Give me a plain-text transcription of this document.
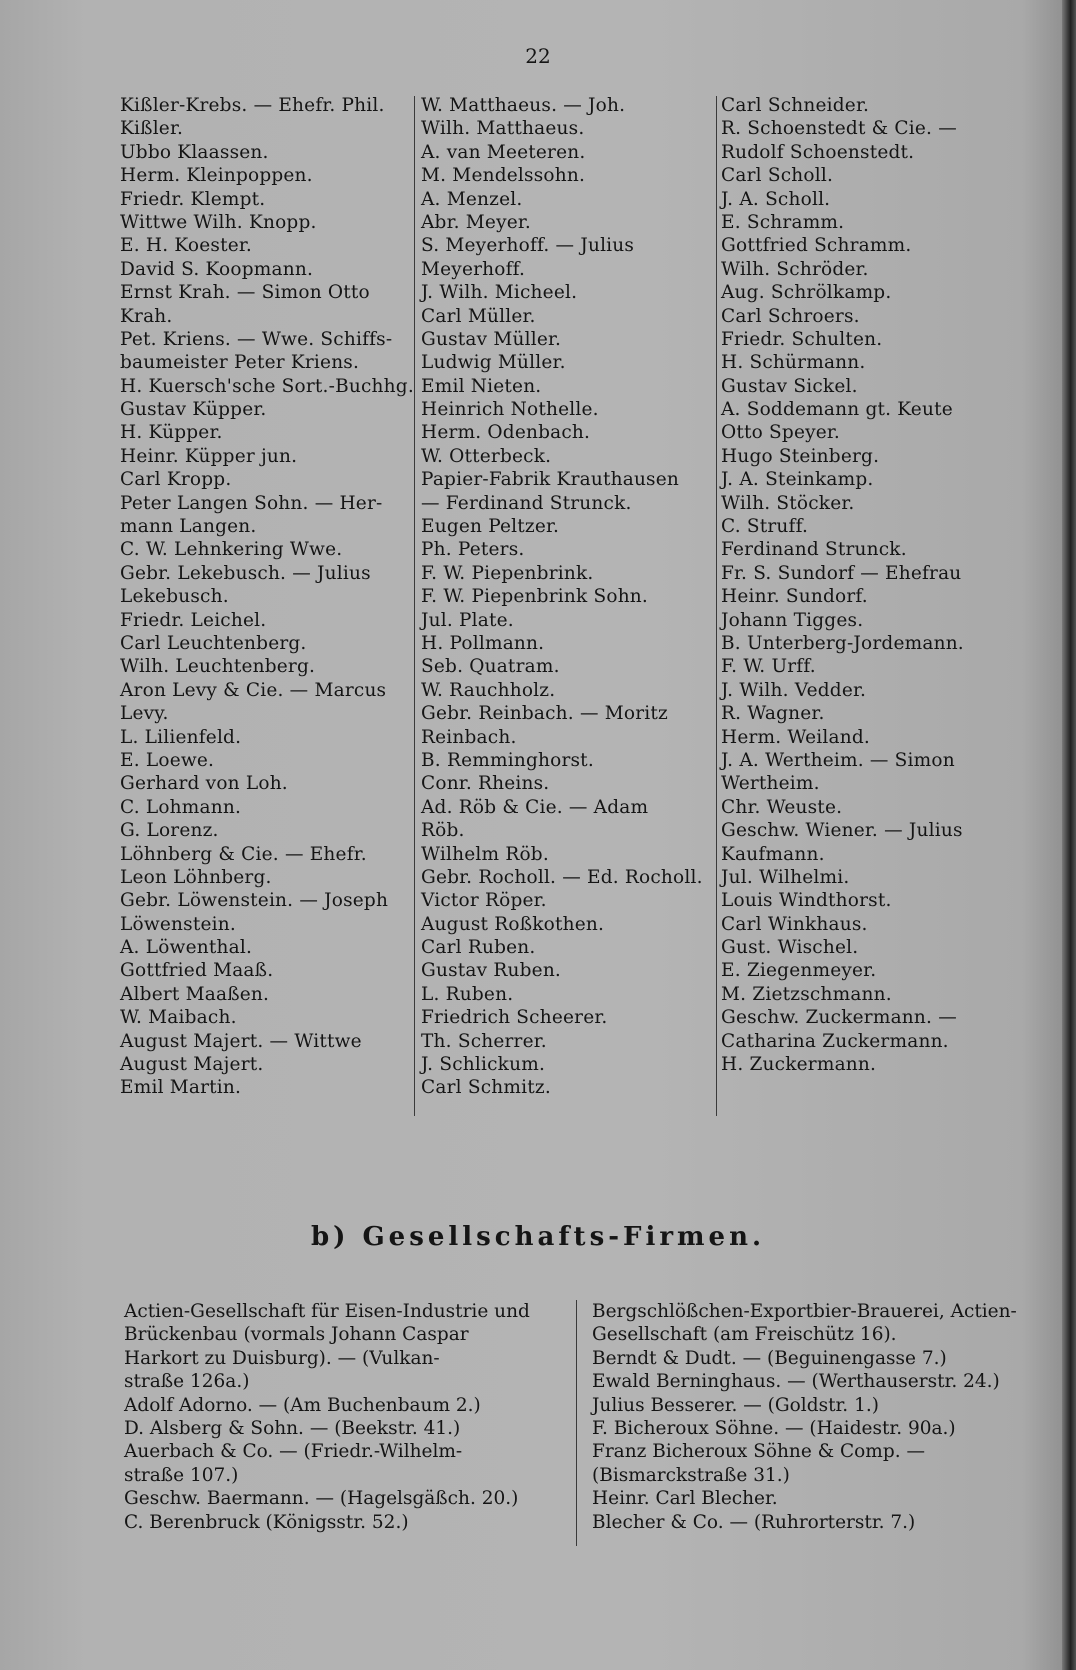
22
Kißler-Krebs. — Ehefr. Phil.
Kißler.
Ubbo Klaassen.
Herm. Kleinpoppen.
Friedr. Klempt.
Wittwe Wilh. Knopp.
E. H. Koester.
David S. Koopmann.
Ernst Krah. — Simon Otto
Krah.
Pet. Kriens. — Wwe. Schiffs-
baumeister Peter Kriens.
H. Kuersch'sche Sort.-Buchhg.
Gustav Küpper.
H. Küpper.
Heinr. Küpper jun.
Carl Kropp.
Peter Langen Sohn. — Her-
mann Langen.
C. W. Lehnkering Wwe.
Gebr. Lekebusch. — Julius
Lekebusch.
Friedr. Leichel.
Carl Leuchtenberg.
Wilh. Leuchtenberg.
Aron Levy & Cie. — Marcus
Levy.
L. Lilienfeld.
E. Loewe.
Gerhard von Loh.
C. Lohmann.
G. Lorenz.
Löhnberg & Cie. — Ehefr.
Leon Löhnberg.
Gebr. Löwenstein. — Joseph
Löwenstein.
A. Löwenthal.
Gottfried Maaß.
Albert Maaßen.
W. Maibach.
August Majert. — Wittwe
August Majert.
Emil Martin.
W. Matthaeus. — Joh.
Wilh. Matthaeus.
A. van Meeteren.
M. Mendelssohn.
A. Menzel.
Abr. Meyer.
S. Meyerhoff. — Julius
Meyerhoff.
J. Wilh. Micheel.
Carl Müller.
Gustav Müller.
Ludwig Müller.
Emil Nieten.
Heinrich Nothelle.
Herm. Odenbach.
W. Otterbeck.
Papier-Fabrik Krauthausen
— Ferdinand Strunck.
Eugen Peltzer.
Ph. Peters.
F. W. Piepenbrink.
F. W. Piepenbrink Sohn.
Jul. Plate.
H. Pollmann.
Seb. Quatram.
W. Rauchholz.
Gebr. Reinbach. — Moritz
Reinbach.
B. Remminghorst.
Conr. Rheins.
Ad. Röb & Cie. — Adam
Röb.
Wilhelm Röb.
Gebr. Rocholl. — Ed. Rocholl.
Victor Röper.
August Roßkothen.
Carl Ruben.
Gustav Ruben.
L. Ruben.
Friedrich Scheerer.
Th. Scherrer.
J. Schlickum.
Carl Schmitz.
Carl Schneider.
R. Schoenstedt & Cie. —
Rudolf Schoenstedt.
Carl Scholl.
J. A. Scholl.
E. Schramm.
Gottfried Schramm.
Wilh. Schröder.
Aug. Schrölkamp.
Carl Schroers.
Friedr. Schulten.
H. Schürmann.
Gustav Sickel.
A. Soddemann gt. Keute
Otto Speyer.
Hugo Steinberg.
J. A. Steinkamp.
Wilh. Stöcker.
C. Struff.
Ferdinand Strunck.
Fr. S. Sundorf — Ehefrau
Heinr. Sundorf.
Johann Tigges.
B. Unterberg-Jordemann.
F. W. Urff.
J. Wilh. Vedder.
R. Wagner.
Herm. Weiland.
J. A. Wertheim. — Simon
Wertheim.
Chr. Weuste.
Geschw. Wiener. — Julius
Kaufmann.
Jul. Wilhelmi.
Louis Windthorst.
Carl Winkhaus.
Gust. Wischel.
E. Ziegenmeyer.
M. Zietzschmann.
Geschw. Zuckermann. —
Catharina Zuckermann.
H. Zuckermann.
b) Gesellschafts-Firmen.
Actien-Gesellschaft für Eisen-Industrie und
Brückenbau (vormals Johann Caspar
Harkort zu Duisburg). — (Vulkan-
straße 126a.)
Adolf Adorno. — (Am Buchenbaum 2.)
D. Alsberg & Sohn. — (Beekstr. 41.)
Auerbach & Co. — (Friedr.-Wilhelm-
straße 107.)
Geschw. Baermann. — (Hagelsgäßch. 20.)
C. Berenbruck (Königsstr. 52.)
Bergschlößchen-Exportbier-Brauerei, Actien-
Gesellschaft (am Freischütz 16).
Berndt & Dudt. — (Beguinengasse 7.)
Ewald Berninghaus. — (Werthauserstr. 24.)
Julius Besserer. — (Goldstr. 1.)
F. Bicheroux Söhne. — (Haidestr. 90a.)
Franz Bicheroux Söhne & Comp. —
(Bismarckstraße 31.)
Heinr. Carl Blecher.
Blecher & Co. — (Ruhrorterstr. 7.)
